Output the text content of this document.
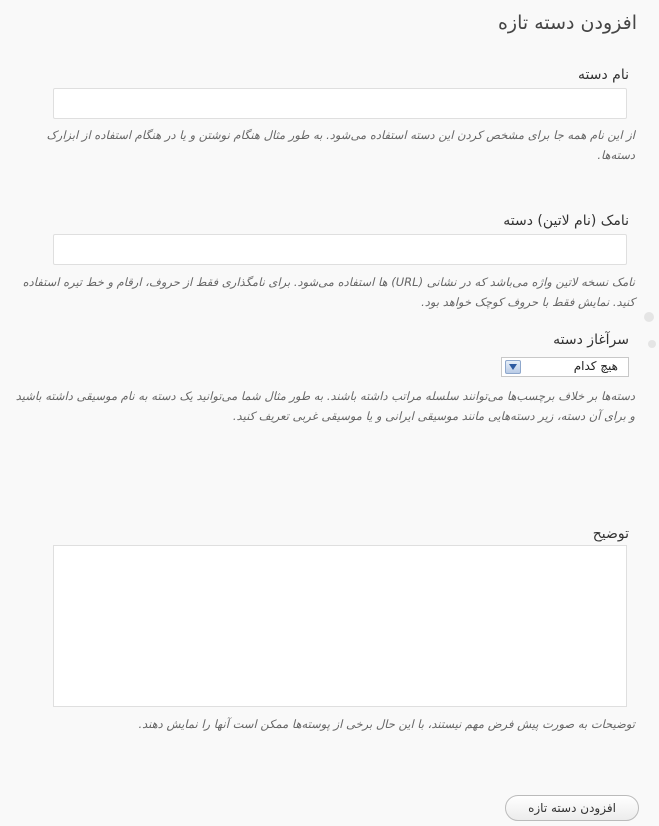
افزودن دسته تازه
نام دسته
از این نام همه جا برای مشخص کردن این دسته استفاده می‌شود. به طور مثال هنگام نوشتن و یا در هنگام استفاده از ابزارک دسته‌ها.
نامک (نام لاتین) دسته
نامک نسخه لاتین واژه می‌باشد که در نشانی (URL) ها استفاده می‌شود. برای نامگذاری فقط از حروف، ارقام و خط تیره استفاده کنید. نمایش فقط با حروف کوچک خواهد بود.
سرآغاز دسته
هیچ کدام
دسته‌ها بر خلاف برچسب‌ها می‌توانند سلسله مراتب داشته باشند. به طور مثال شما می‌توانید یک دسته به نام موسیقی داشته باشید و برای آن دسته، زیر دسته‌هایی مانند موسیقی ایرانی و یا موسیقی غربی تعریف کنید.
توضیح
توضیحات به صورت پیش فرض مهم نیستند، با این حال برخی از پوسته‌ها ممکن است آنها را نمایش دهند.
افزودن دسته تازه
